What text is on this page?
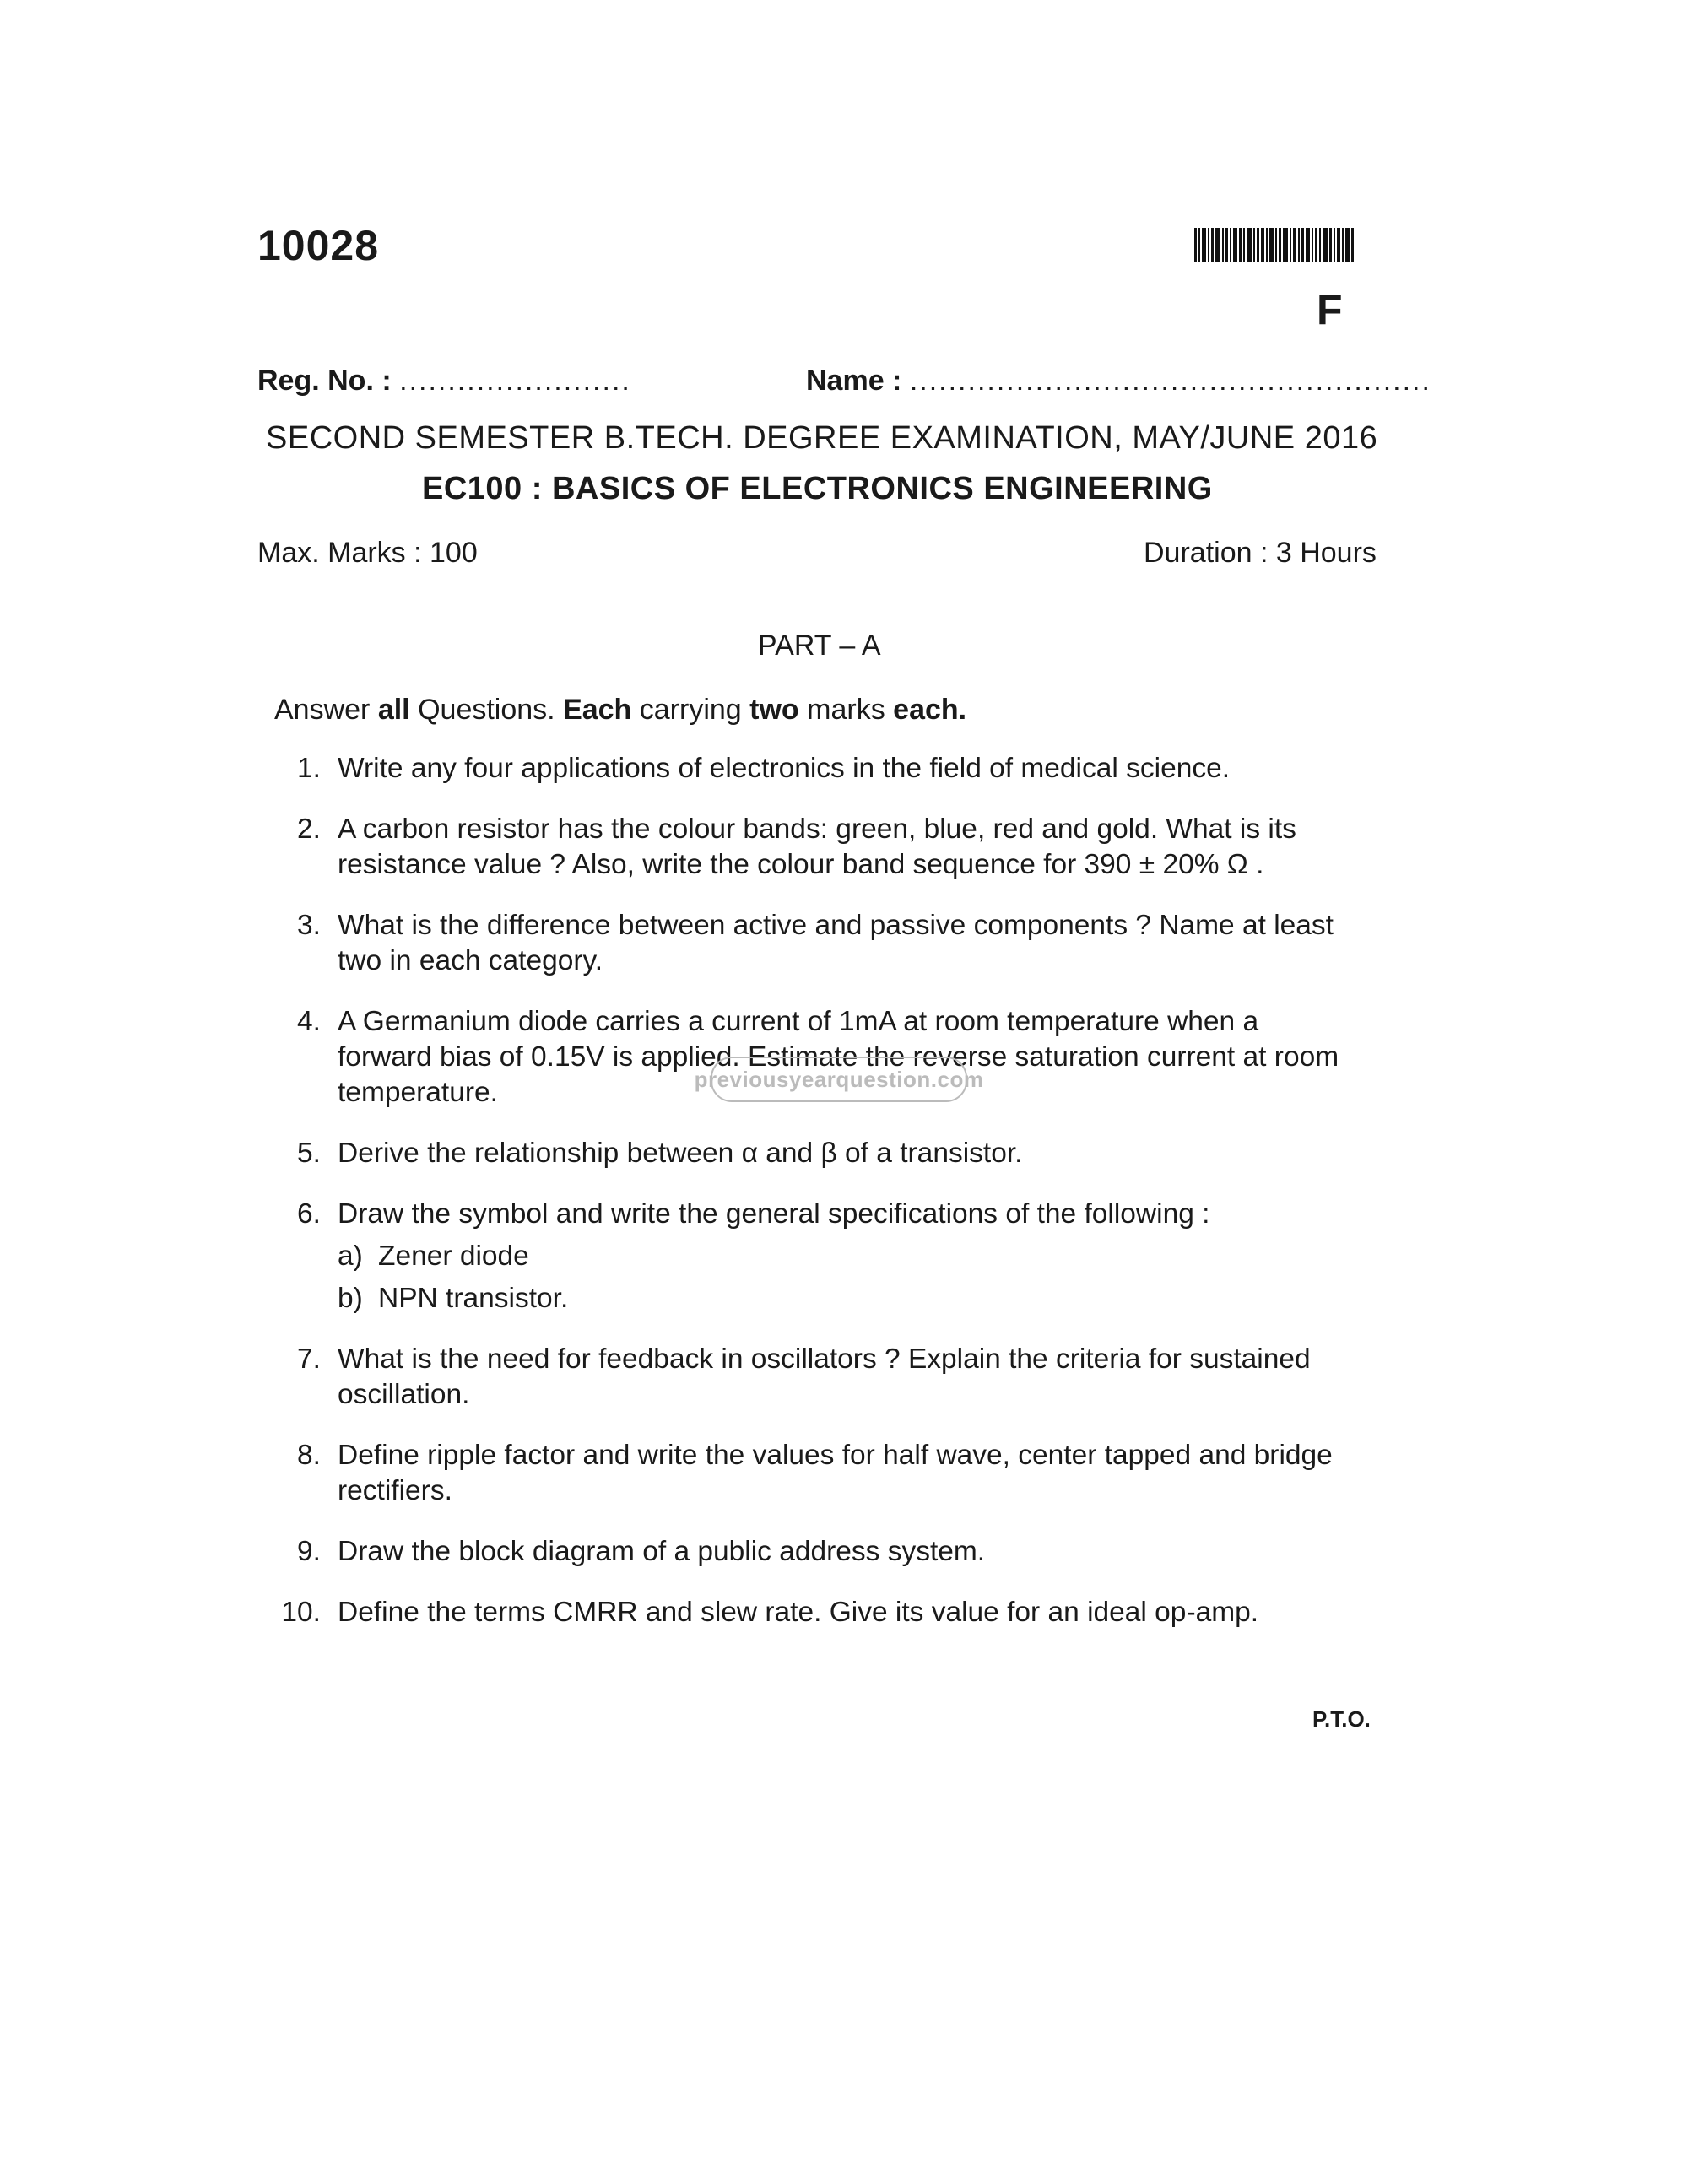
10028
F
Reg. No. : ........................	Name : ......................................................
SECOND SEMESTER B.TECH. DEGREE EXAMINATION, MAY/JUNE 2016
EC100 : BASICS OF ELECTRONICS ENGINEERING
Max. Marks : 100	Duration : 3 Hours
PART – A
Answer all Questions. Each carrying two marks each.
1. Write any four applications of electronics in the field of medical science.
2. A carbon resistor has the colour bands: green, blue, red and gold. What is its resistance value ? Also, write the colour band sequence for 390 ± 20% Ω .
3. What is the difference between active and passive components ? Name at least two in each category.
4. A Germanium diode carries a current of 1mA at room temperature when a forward bias of 0.15V is applied. Estimate the reverse saturation current at room temperature.
5. Derive the relationship between α and β of a transistor.
6. Draw the symbol and write the general specifications of the following :
a) Zener diode
b) NPN transistor.
7. What is the need for feedback in oscillators ? Explain the criteria for sustained oscillation.
8. Define ripple factor and write the values for half wave, center tapped and bridge rectifiers.
9. Draw the block diagram of a public address system.
10. Define the terms CMRR and slew rate. Give its value for an ideal op-amp.
previousyearquestion.com
P.T.O.
